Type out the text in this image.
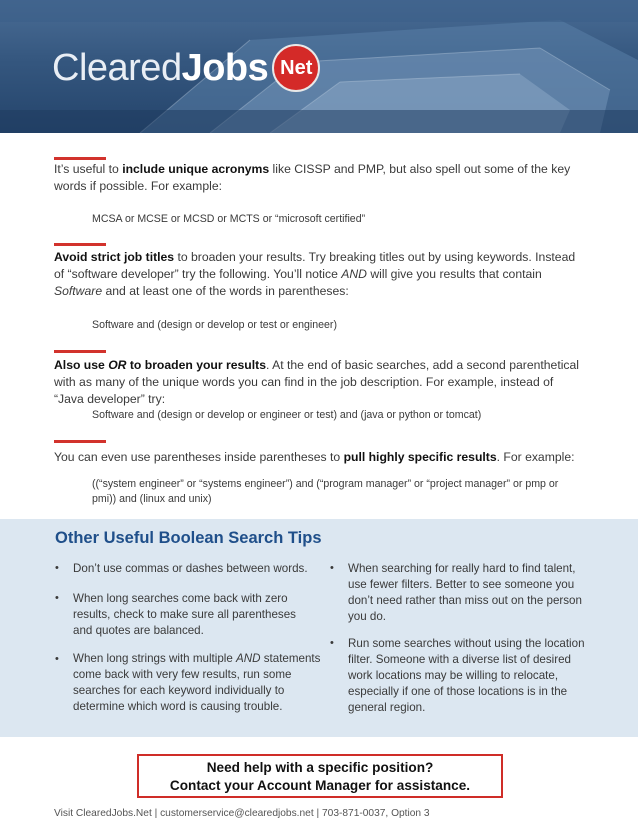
Cleared Jobs Net
It’s useful to include unique acronyms like CISSP and PMP, but also spell out some of the key words if possible. For example:
MCSA or MCSE or MCSD or MCTS or “microsoft certified”
Avoid strict job titles to broaden your results. Try breaking titles out by using keywords. Instead of “software developer” try the following. You’ll notice AND will give you results that contain Software and at least one of the words in parentheses:
Software and (design or develop or test or engineer)
Also use OR to broaden your results. At the end of basic searches, add a second parenthetical with as many of the unique words you can find in the job description. For example, instead of “Java developer” try:
Software and (design or develop or engineer or test) and (java or python or tomcat)
You can even use parentheses inside parentheses to pull highly specific results. For example:
((“system engineer” or “systems engineer”) and (“program manager” or “project manager” or pmp or pmi)) and (linux and unix)
Other Useful Boolean Search Tips
• Don’t use commas or dashes between words.
• When long searches come back with zero results, check to make sure all parentheses and quotes are balanced.
• When long strings with multiple AND statements come back with very few results, run some searches for each keyword individually to determine which word is causing trouble.
• When searching for really hard to find talent, use fewer filters. Better to see someone you don’t need rather than miss out on the person you do.
• Run some searches without using the location filter. Someone with a diverse list of desired work locations may be willing to relocate, especially if one of those locations is in the general region.
Need help with a specific position?
Contact your Account Manager for assistance.
Visit ClearedJobs.Net | customerservice@clearedjobs.net | 703-871-0037, Option 3
